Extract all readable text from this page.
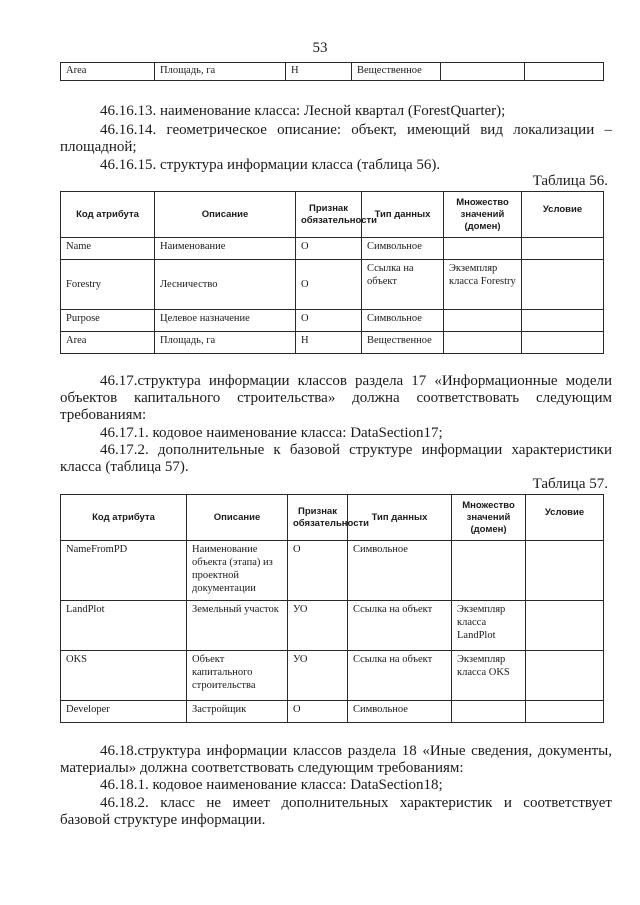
53
Area	Площадь, га	Н	Вещественное		

46.16.13. наименование класса: Лесной квартал (ForestQuarter);

46.16.14. геометрическое описание: объект, имеющий вид локализации – площадной;

46.16.15. структура информации класса (таблица 56).

Таблица 56.
Код атрибута	Описание	Признак обязательности	Тип данных	Множество значений (домен)	Условие
Name	Наименование	О	Символьное		
Forestry	Лесничество	О	Ссылка на объект	Экземпляр класса Forestry	
Purpose	Целевое назначение	О	Символьное		
Area	Площадь, га	Н	Вещественное		

46.17.структура информации классов раздела 17 «Информационные модели объектов капитального строительства» должна соответствовать следующим требованиям:

46.17.1. кодовое наименование класса: DataSection17;

46.17.2. дополнительные к базовой структуре информации характеристики класса (таблица 57).

Таблица 57.
Код атрибута	Описание	Признак обязательности	Тип данных	Множество значений (домен)	Условие
NameFromPD	Наименование объекта (этапа) из проектной документации	О	Символьное		
LandPlot	Земельный участок	УО	Ссылка на объект	Экземпляр класса LandPlot	
OKS	Объект капитального строительства	УО	Ссылка на объект	Экземпляр класса OKS	
Developer	Застройщик	О	Символьное		

46.18.структура информации классов раздела 18 «Иные сведения, документы, материалы» должна соответствовать следующим требованиям:

46.18.1. кодовое наименование класса: DataSection18;

46.18.2. класс не имеет дополнительных характеристик и соответствует базовой структуре информации.
